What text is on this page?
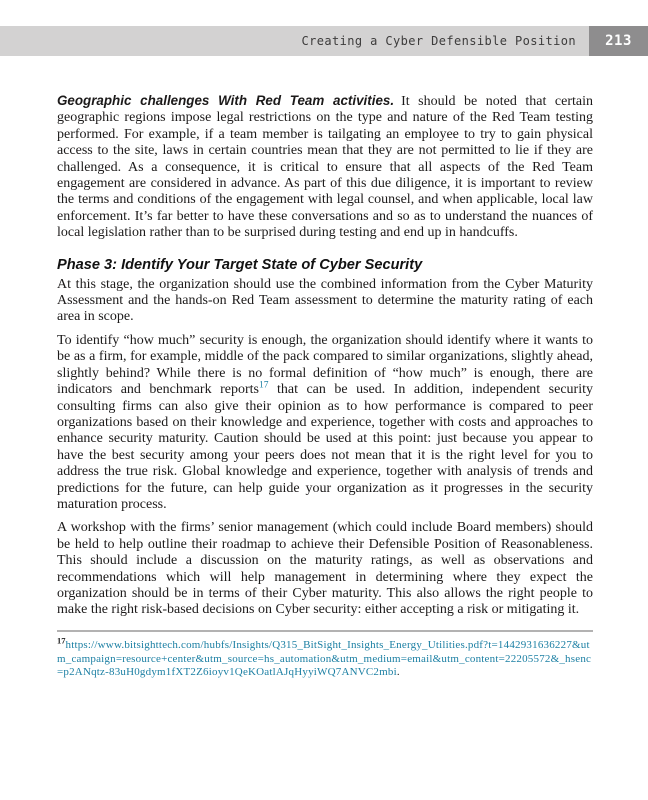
Creating a Cyber Defensible Position 213

Geographic challenges With Red Team activities.  It should be noted that certain geographic regions impose legal restrictions on the type and nature of the Red Team testing performed. For example, if a team member is tailgating an employee to try to gain physical access to the site, laws in certain countries mean that they are not permitted to lie if they are challenged. As a consequence, it is critical to ensure that all aspects of the Red Team engagement are considered in advance. As part of this due diligence, it is important to review the terms and conditions of the engagement with legal counsel, and when applicable, local law enforcement. It’s far better to have these conversations and so as to understand the nuances of local legislation rather than to be surprised during testing and end up in handcuffs.

Phase 3: Identify Your Target State of Cyber Security

At this stage, the organization should use the combined information from the Cyber Maturity Assessment and the hands-on Red Team assessment to determine the maturity rating of each area in scope.

To identify “how much” security is enough, the organization should identify where it wants to be as a firm, for example, middle of the pack compared to similar organizations, slightly ahead, slightly behind? While there is no formal definition of “how much” is enough, there are indicators and benchmark reports$^{17}$ that can be used. In addition, independent security consulting firms can also give their opinion as to how performance is compared to peer organizations based on their knowledge and experience, together with costs and approaches to enhance security maturity. Caution should be used at this point: just because you appear to have the best security among your peers does not mean that it is the right level for you to address the true risk. Global knowledge and experience, together with analysis of trends and predictions for the future, can help guide your organization as it progresses in the security maturation process.

A workshop with the firms’ senior management (which could include Board members) should be held to help outline their roadmap to achieve their Defensible Position of Reasonableness. This should include a discussion on the maturity ratings, as well as observations and recommendations which will help management in determining where they expect the organization should be in terms of their Cyber maturity. This also allows the right people to make the right risk-based decisions on Cyber security: either accepting a risk or mitigating it.

$^{17}$https://www.bitsighttech.com/hubfs/Insights/Q315_BitSight_Insights_Energy_Utilities.pdf?t=1442931636227&utm_campaign=resource+center&utm_source=hs_automation&utm_medium=email&utm_content=22205572&_hsenc=p2ANqtz-83uH0gdym1fXT2Z6ioyv1QeKOatlAJqHyyiWQ7ANVC2mbi.
